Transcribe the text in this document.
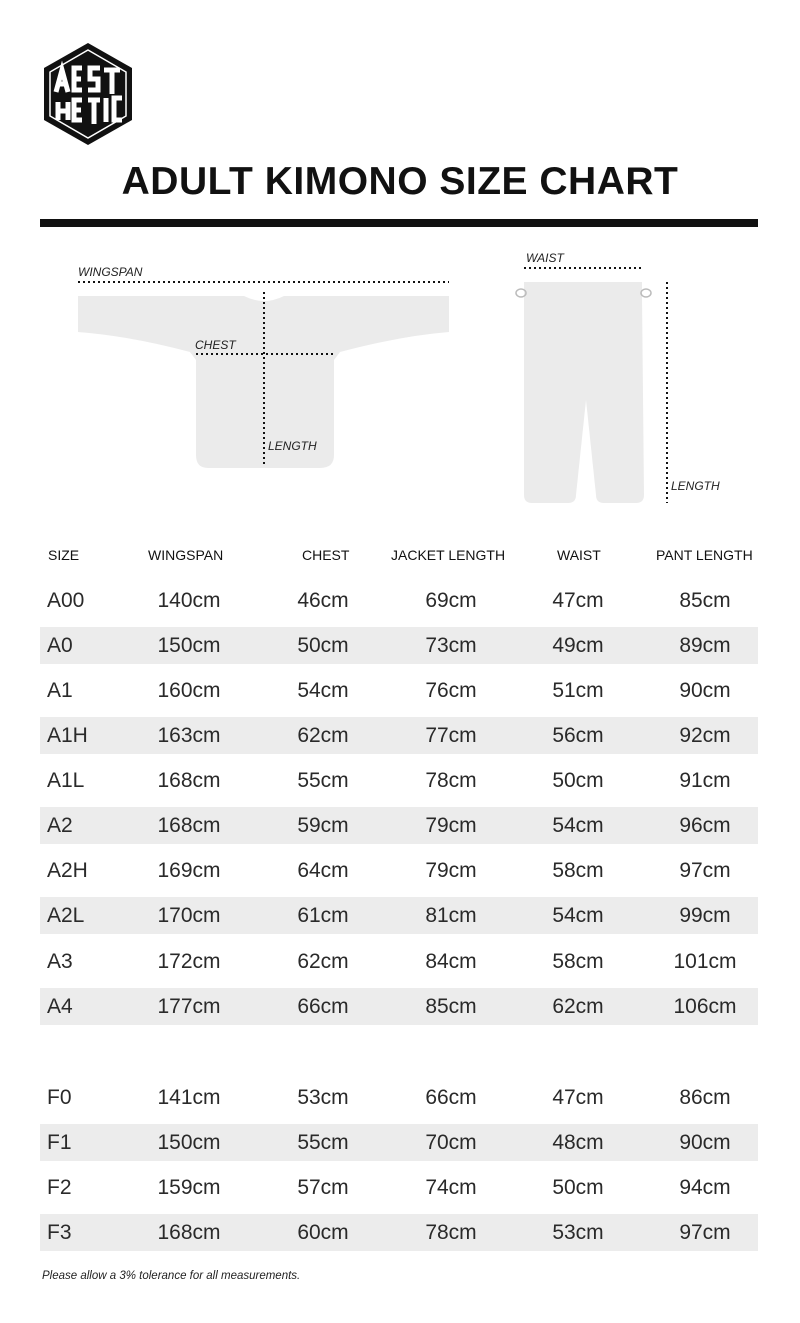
ADULT KIMONO SIZE CHART
WINGSPAN
CHEST
LENGTH
WAIST
LENGTH
SIZE	WINGSPAN	CHEST	JACKET LENGTH	WAIST	PANT LENGTH
A00	140cm	46cm	69cm	47cm	85cm
A0	150cm	50cm	73cm	49cm	89cm
A1	160cm	54cm	76cm	51cm	90cm
A1H	163cm	62cm	77cm	56cm	92cm
A1L	168cm	55cm	78cm	50cm	91cm
A2	168cm	59cm	79cm	54cm	96cm
A2H	169cm	64cm	79cm	58cm	97cm
A2L	170cm	61cm	81cm	54cm	99cm
A3	172cm	62cm	84cm	58cm	101cm
A4	177cm	66cm	85cm	62cm	106cm
F0	141cm	53cm	66cm	47cm	86cm
F1	150cm	55cm	70cm	48cm	90cm
F2	159cm	57cm	74cm	50cm	94cm
F3	168cm	60cm	78cm	53cm	97cm
Please allow a 3% tolerance for all measurements.
